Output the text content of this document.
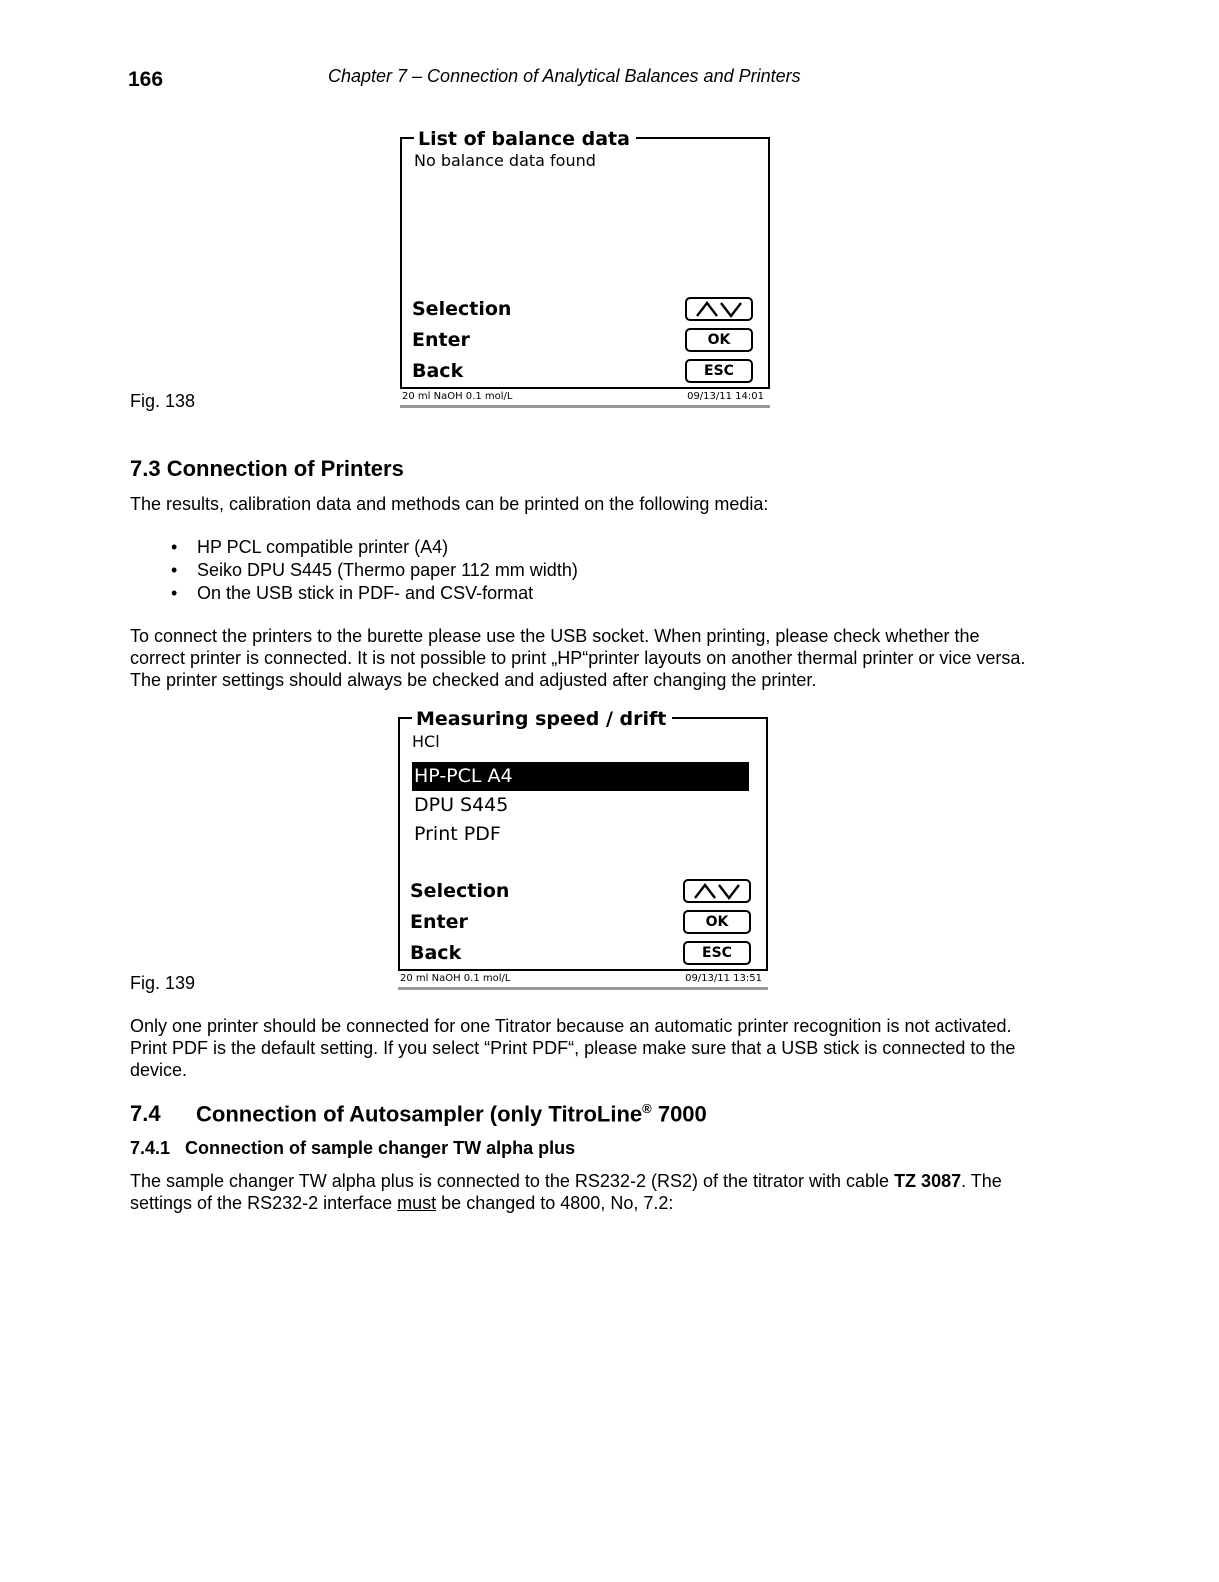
166	Chapter 7 – Connection of Analytical Balances and Printers
List of balance data
No balance data found
Selection
Enter	OK
Back	ESC
20 ml NaOH 0.1 mol/L	09/13/11 14:01
Fig. 138
7.3 Connection of Printers
The results, calibration data and methods can be printed on the following media:
• HP PCL compatible printer (A4)
• Seiko DPU S445 (Thermo paper 112 mm width)
• On the USB stick in PDF- and CSV-format

To connect the printers to the burette please use the USB socket. When printing, please check whether the

correct printer is connected. It is not possible to print „HP“printer layouts on another thermal printer or vice versa.

The printer settings should always be checked and adjusted after changing the printer.

Measuring speed / drift
HCl
HP-PCL A4
DPU S445
Print PDF
Selection
Enter	OK
Back	ESC
20 ml NaOH 0.1 mol/L	09/13/11 13:51
Fig. 139

Only one printer should be connected for one Titrator because an automatic printer recognition is not activated.

Print PDF is the default setting. If you select “Print PDF“, please make sure that a USB stick is connected to the

device.

7.4 Connection of Autosampler (only TitroLine® 7000
7.4.1   Connection of sample changer TW alpha plus

The sample changer TW alpha plus is connected to the RS232-2 (RS2) of the titrator with cable TZ 3087. The

settings of the RS232-2 interface must be changed to 4800, No, 7.2:
